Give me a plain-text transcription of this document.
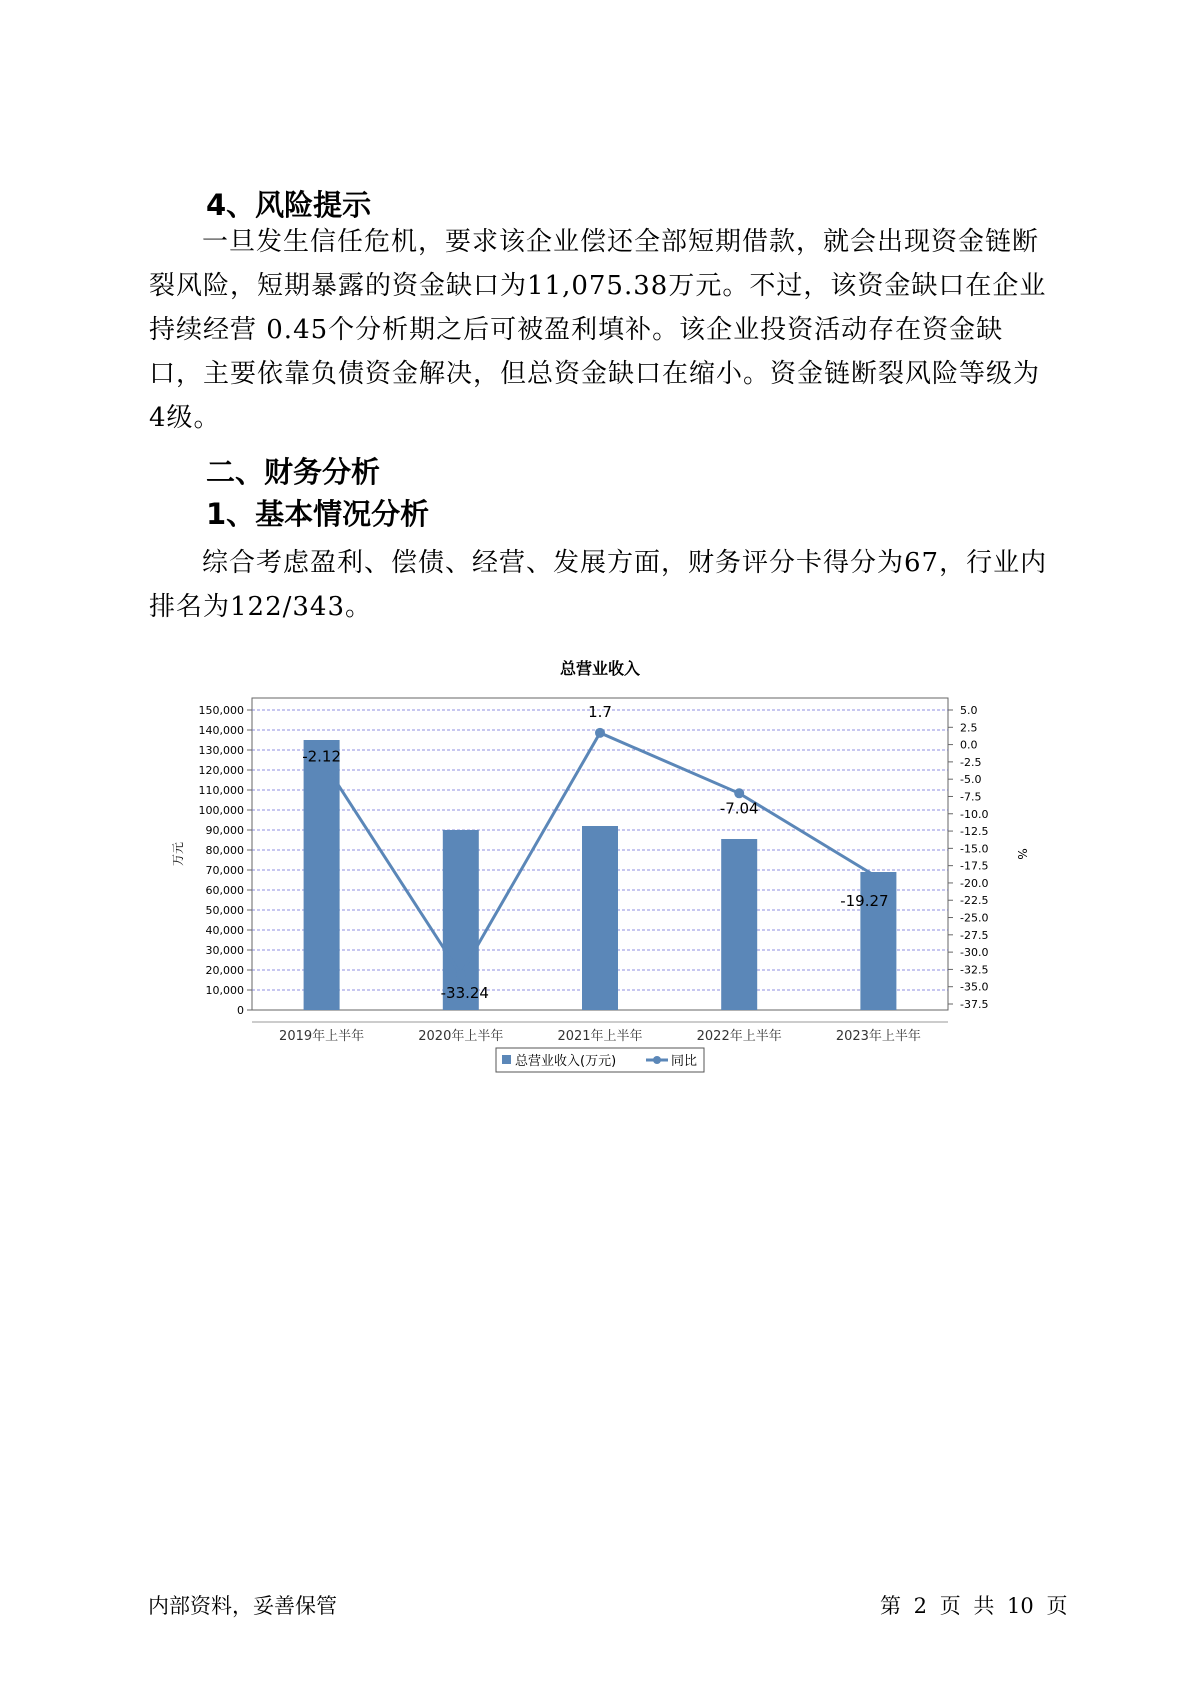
4、风险提示

一旦发生信任危机，要求该企业偿还全部短期借款，就会出现资金链断裂风险，短期暴露的资金缺口为11,075.38万元。不过，该资金缺口在企业持续经营 0.45个分析期之后可被盈利填补。该企业投资活动存在资金缺口，主要依靠负债资金解决，但总资金缺口在缩小。资金链断裂风险等级为4级。

二、财务分析
1、基本情况分析

综合考虑盈利、偿债、经营、发展方面，财务评分卡得分为67，行业内排名为122/343。

总营业收入
0
10,000
20,000
30,000
40,000
50,000
60,000
70,000
80,000
90,000
100,000
110,000
120,000
130,000
140,000
150,000	5.0
2.5
0.0
-2.5
-5.0
-7.5
-10.0
-12.5
-15.0
-17.5
-20.0
-22.5
-25.0
-27.5
-30.0
-32.5
-35.0
-37.5
万元	%
2019年上半年	2020年上半年	2021年上半年	2022年上半年	2023年上半年
-2.12
-33.24
1.7
-7.04
-19.27
总营业收入(万元)	同比
内部资料，妥善保管	第 2 页 共 10 页
